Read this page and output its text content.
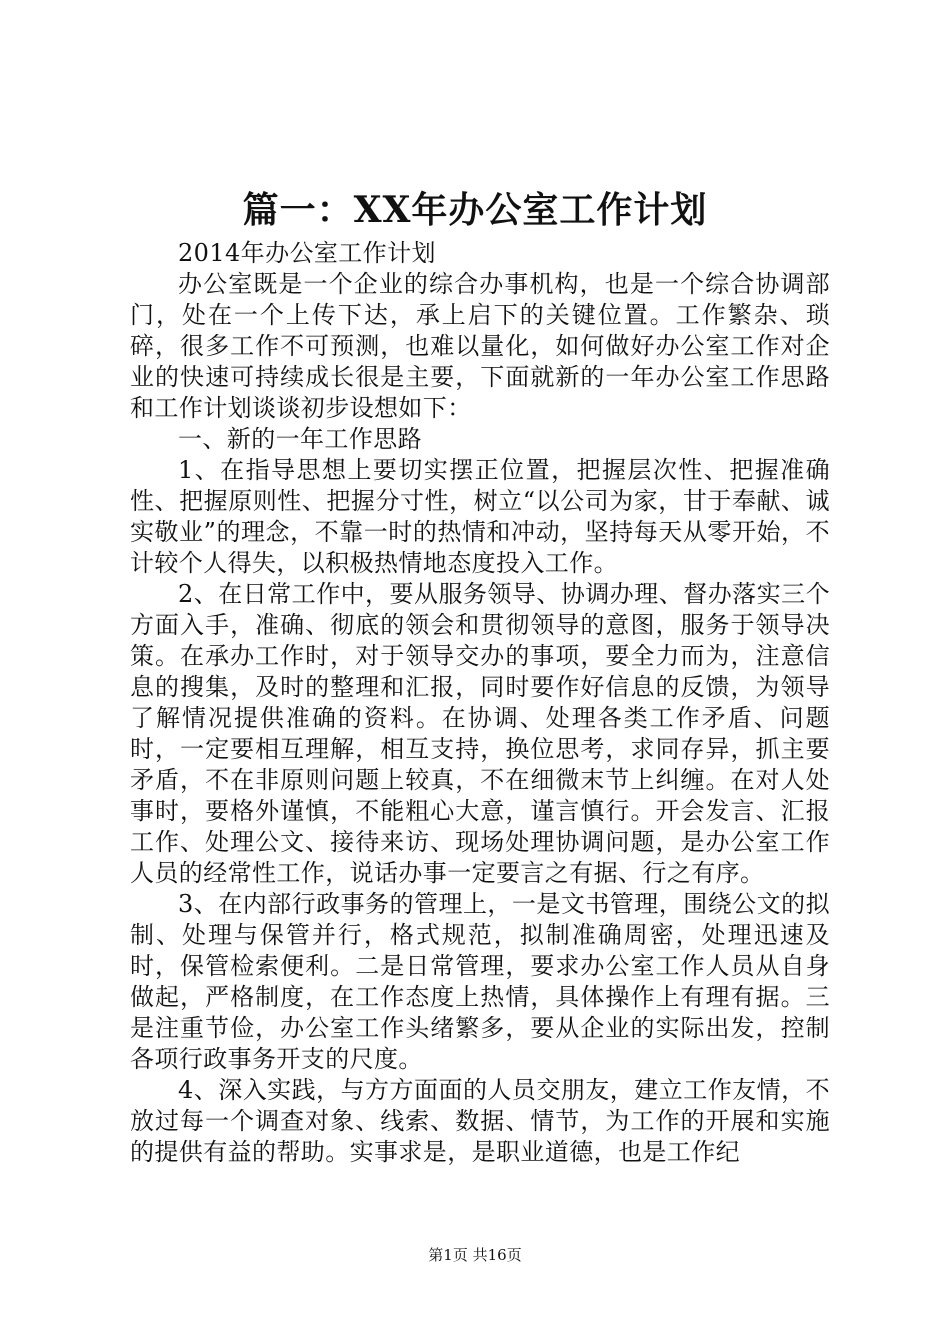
篇一：XX年办公室工作计划

2014年办公室工作计划

办公室既是一个企业的综合办事机构，也是一个综合协调部门，处在一个上传下达，承上启下的关键位置。工作繁杂、琐碎，很多工作不可预测，也难以量化，如何做好办公室工作对企业的快速可持续成长很是主要，下面就新的一年办公室工作思路和工作计划谈谈初步设想如下：

一、新的一年工作思路

1、在指导思想上要切实摆正位置，把握层次性、把握准确性、把握原则性、把握分寸性，树立“以公司为家，甘于奉献、诚实敬业”的理念，不靠一时的热情和冲动，坚持每天从零开始，不计较个人得失，以积极热情地态度投入工作。

2、在日常工作中，要从服务领导、协调办理、督办落实三个方面入手，准确、彻底的领会和贯彻领导的意图，服务于领导决策。在承办工作时，对于领导交办的事项，要全力而为，注意信息的搜集，及时的整理和汇报，同时要作好信息的反馈，为领导了解情况提供准确的资料。在协调、处理各类工作矛盾、问题时，一定要相互理解，相互支持，换位思考，求同存异，抓主要矛盾，不在非原则问题上较真，不在细微末节上纠缠。在对人处事时，要格外谨慎，不能粗心大意，谨言慎行。开会发言、汇报工作、处理公文、接待来访、现场处理协调问题，是办公室工作人员的经常性工作，说话办事一定要言之有据、行之有序。

3、在内部行政事务的管理上，一是文书管理，围绕公文的拟制、处理与保管并行，格式规范，拟制准确周密，处理迅速及时，保管检索便利。二是日常管理，要求办公室工作人员从自身做起，严格制度，在工作态度上热情，具体操作上有理有据。三是注重节俭，办公室工作头绪繁多，要从企业的实际出发，控制各项行政事务开支的尺度。

4、深入实践，与方方面面的人员交朋友，建立工作友情，不放过每一个调查对象、线索、数据、情节，为工作的开展和实施的提供有益的帮助。实事求是，是职业道德，也是工作纪

第1页 共16页
